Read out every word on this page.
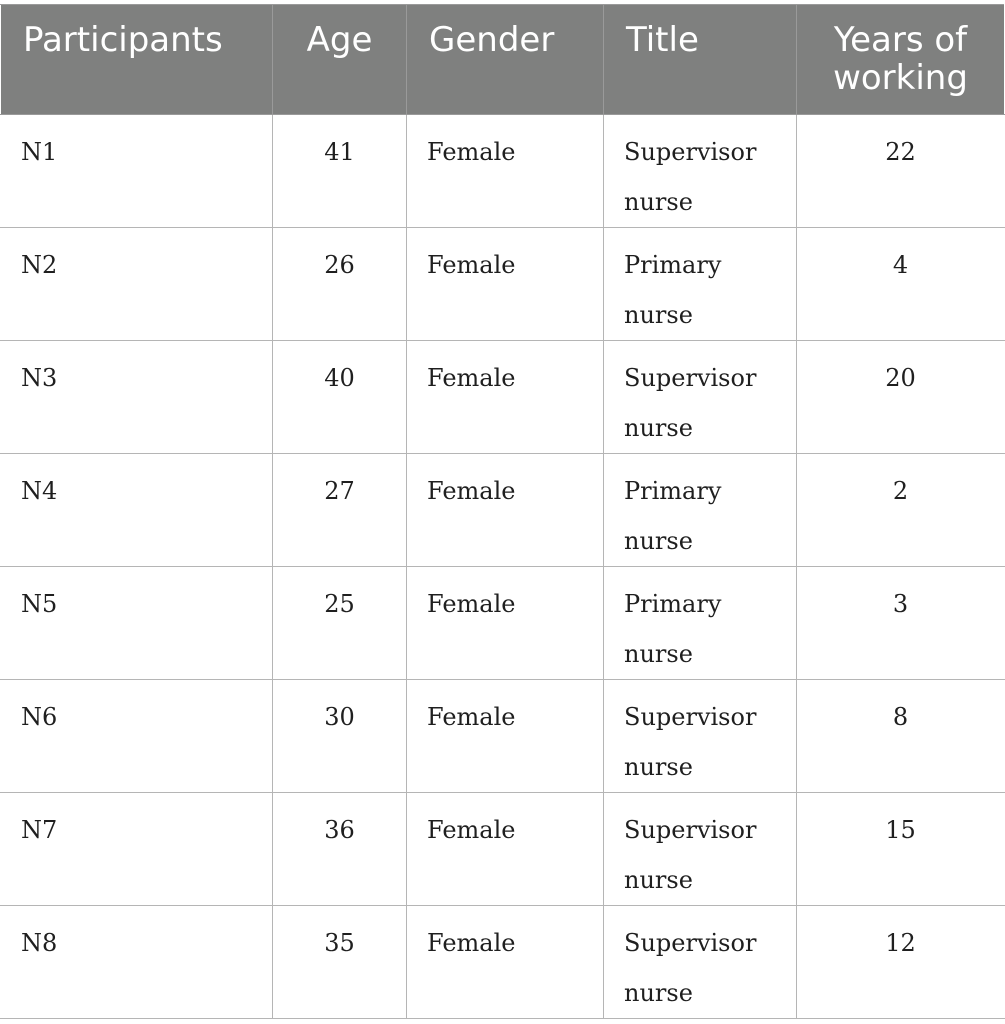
Participants	Age	Gender	Title	Years of working
N1	41	Female	Supervisor nurse	22
N2	26	Female	Primary nurse	4
N3	40	Female	Supervisor nurse	20
N4	27	Female	Primary nurse	2
N5	25	Female	Primary nurse	3
N6	30	Female	Supervisor nurse	8
N7	36	Female	Supervisor nurse	15
N8	35	Female	Supervisor nurse	12
